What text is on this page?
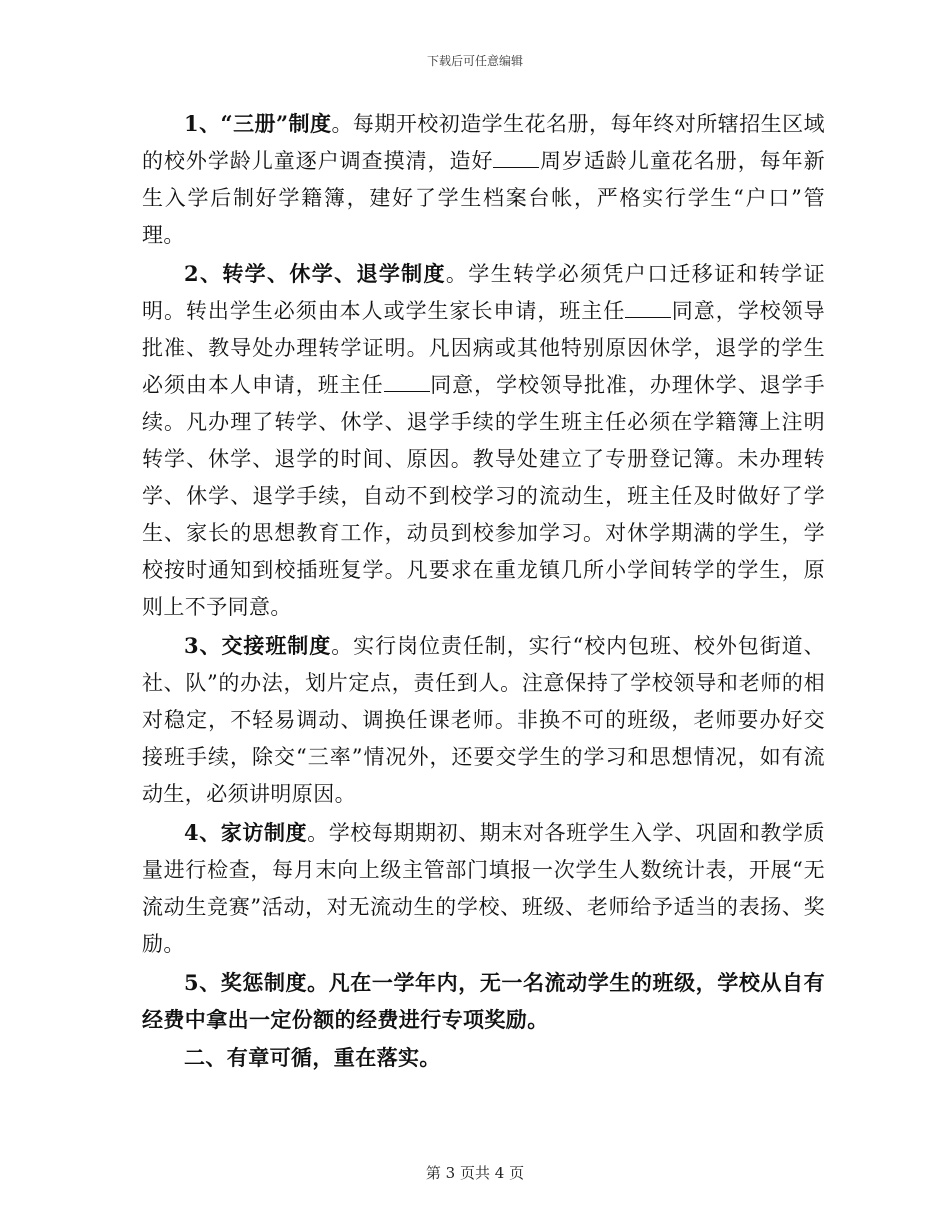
下载后可任意编辑

1、“三册”制度。每期开校初造学生花名册，每年终对所辖招生区域的校外学龄儿童逐户调查摸清，造好 周岁适龄儿童花名册，每年新生入学后制好学籍簿，建好了学生档案台帐，严格实行学生“户口”管理。

2、转学、休学、退学制度。学生转学必须凭户口迁移证和转学证明。转出学生必须由本人或学生家长申请，班主任 同意，学校领导批准、教导处办理转学证明。凡因病或其他特别原因休学，退学的学生必须由本人申请，班主任 同意，学校领导批准，办理休学、退学手续。凡办理了转学、休学、退学手续的学生班主任必须在学籍簿上注明转学、休学、退学的时间、原因。教导处建立了专册登记簿。未办理转学、休学、退学手续，自动不到校学习的流动生，班主任及时做好了学生、家长的思想教育工作，动员到校参加学习。对休学期满的学生，学校按时通知到校插班复学。凡要求在重龙镇几所小学间转学的学生，原则上不予同意。

3、交接班制度。实行岗位责任制，实行“校内包班、校外包街道、社、队”的办法，划片定点，责任到人。注意保持了学校领导和老师的相对稳定，不轻易调动、调换任课老师。非换不可的班级，老师要办好交接班手续，除交“三率”情况外，还要交学生的学习和思想情况，如有流动生，必须讲明原因。

4、家访制度。学校每期期初、期末对各班学生入学、巩固和教学质量进行检查，每月末向上级主管部门填报一次学生人数统计表，开展“无流动生竞赛”活动，对无流动生的学校、班级、老师给予适当的表扬、奖励。

5、奖惩制度。凡在一学年内，无一名流动学生的班级，学校从自有经费中拿出一定份额的经费进行专项奖励。

二、有章可循，重在落实。

第 3 页共 4 页
